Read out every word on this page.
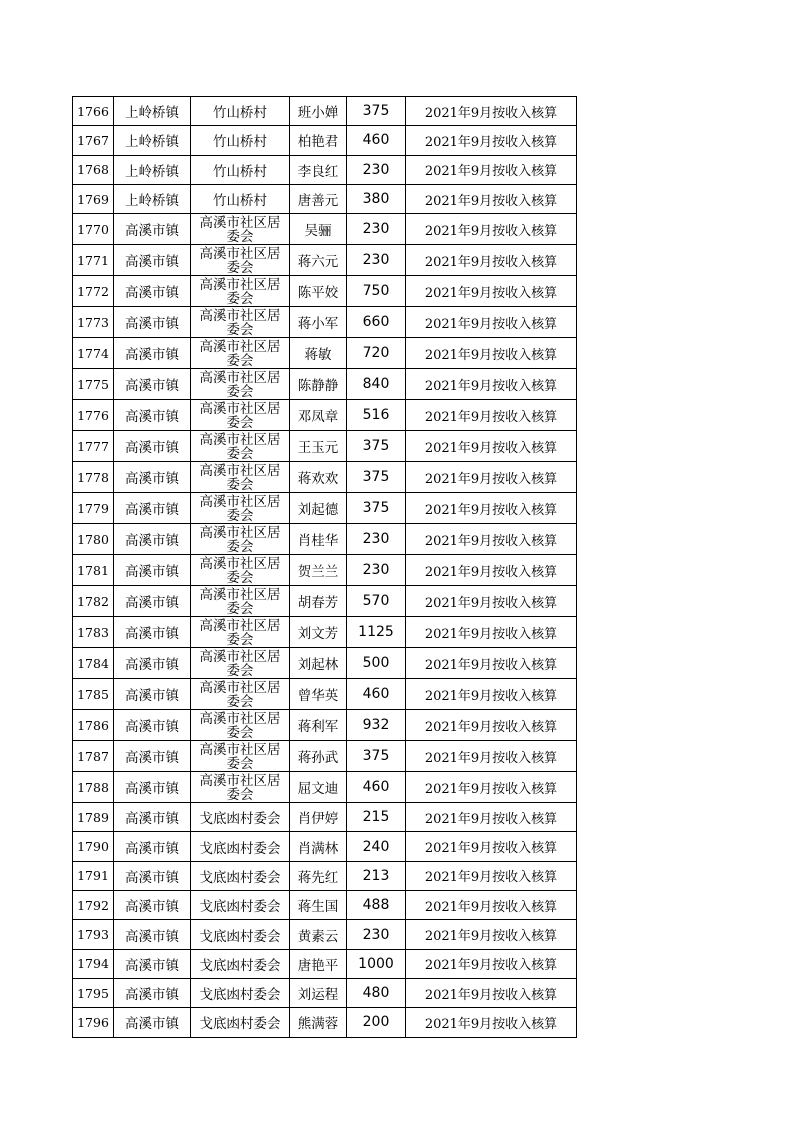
1766	上岭桥镇	竹山桥村	班小婵	375	2021年9月按收入核算
1767	上岭桥镇	竹山桥村	柏艳君	460	2021年9月按收入核算
1768	上岭桥镇	竹山桥村	李良红	230	2021年9月按收入核算
1769	上岭桥镇	竹山桥村	唐善元	380	2021年9月按收入核算
1770	高溪市镇	高溪市社区居委会	吴骊	230	2021年9月按收入核算
1771	高溪市镇	高溪市社区居委会	蒋六元	230	2021年9月按收入核算
1772	高溪市镇	高溪市社区居委会	陈平姣	750	2021年9月按收入核算
1773	高溪市镇	高溪市社区居委会	蒋小军	660	2021年9月按收入核算
1774	高溪市镇	高溪市社区居委会	蒋敏	720	2021年9月按收入核算
1775	高溪市镇	高溪市社区居委会	陈静静	840	2021年9月按收入核算
1776	高溪市镇	高溪市社区居委会	邓凤章	516	2021年9月按收入核算
1777	高溪市镇	高溪市社区居委会	王玉元	375	2021年9月按收入核算
1778	高溪市镇	高溪市社区居委会	蒋欢欢	375	2021年9月按收入核算
1779	高溪市镇	高溪市社区居委会	刘起德	375	2021年9月按收入核算
1780	高溪市镇	高溪市社区居委会	肖桂华	230	2021年9月按收入核算
1781	高溪市镇	高溪市社区居委会	贺兰兰	230	2021年9月按收入核算
1782	高溪市镇	高溪市社区居委会	胡春芳	570	2021年9月按收入核算
1783	高溪市镇	高溪市社区居委会	刘文芳	1125	2021年9月按收入核算
1784	高溪市镇	高溪市社区居委会	刘起林	500	2021年9月按收入核算
1785	高溪市镇	高溪市社区居委会	曾华英	460	2021年9月按收入核算
1786	高溪市镇	高溪市社区居委会	蒋利军	932	2021年9月按收入核算
1787	高溪市镇	高溪市社区居委会	蒋孙武	375	2021年9月按收入核算
1788	高溪市镇	高溪市社区居委会	屈文迪	460	2021年9月按收入核算
1789	高溪市镇	戈底凼村委会	肖伊婷	215	2021年9月按收入核算
1790	高溪市镇	戈底凼村委会	肖满林	240	2021年9月按收入核算
1791	高溪市镇	戈底凼村委会	蒋先红	213	2021年9月按收入核算
1792	高溪市镇	戈底凼村委会	蒋生国	488	2021年9月按收入核算
1793	高溪市镇	戈底凼村委会	黄素云	230	2021年9月按收入核算
1794	高溪市镇	戈底凼村委会	唐艳平	1000	2021年9月按收入核算
1795	高溪市镇	戈底凼村委会	刘运程	480	2021年9月按收入核算
1796	高溪市镇	戈底凼村委会	熊满蓉	200	2021年9月按收入核算
